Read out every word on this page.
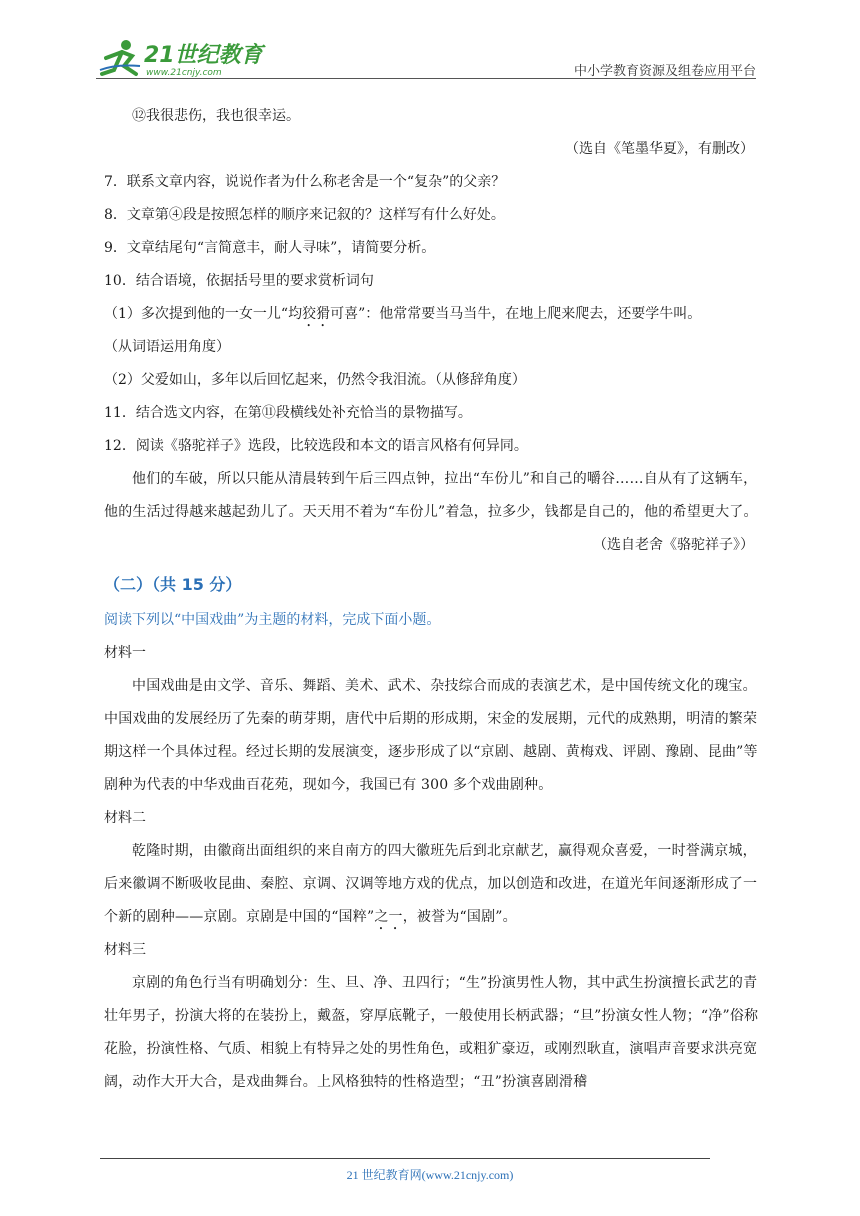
21世纪教育
www.21cnjy.com	中小学教育资源及组卷应用平台
⑫我很悲伤，我也很幸运。
（选自《笔墨华夏》，有删改）
7．联系文章内容，说说作者为什么称老舍是一个“复杂”的父亲？
8．文章第④段是按照怎样的顺序来记叙的？这样写有什么好处。
9．文章结尾句“言简意丰，耐人寻味”，请简要分析。
10．结合语境，依据括号里的要求赏析词句
（1）多次提到他的一女一儿“均狡猾可喜”：他常常要当马当牛，在地上爬来爬去，还要学牛叫。
（从词语运用角度）
（2）父爱如山，多年以后回忆起来，仍然令我泪流。（从修辞角度）
11．结合选文内容，在第⑪段横线处补充恰当的景物描写。
12．阅读《骆驼祥子》选段，比较选段和本文的语言风格有何异同。
他们的车破，所以只能从清晨转到午后三四点钟，拉出“车份儿”和自己的嚼谷……自从有了这辆车，他的生活过得越来越起劲儿了。天天用不着为“车份儿”着急，拉多少，钱都是自己的，他的希望更大了。
（选自老舍《骆驼祥子》）
（二）（共 15 分）
阅读下列以“中国戏曲”为主题的材料，完成下面小题。
材料一
中国戏曲是由文学、音乐、舞蹈、美术、武术、杂技综合而成的表演艺术，是中国传统文化的瑰宝。中国戏曲的发展经历了先秦的萌芽期，唐代中后期的形成期，宋金的发展期，元代的成熟期，明清的繁荣期这样一个具体过程。经过长期的发展演变，逐步形成了以“京剧、越剧、黄梅戏、评剧、豫剧、昆曲”等剧种为代表的中华戏曲百花苑，现如今，我国已有 300 多个戏曲剧种。
材料二
乾隆时期，由徽商出面组织的来自南方的四大徽班先后到北京献艺，赢得观众喜爱，一时誉满京城，后来徽调不断吸收昆曲、秦腔、京调、汉调等地方戏的优点，加以创造和改进，在道光年间逐渐形成了一个新的剧种——京剧。京剧是中国的“国粹”之一，被誉为“国剧”。
材料三
京剧的角色行当有明确划分：生、旦、净、丑四行；“生”扮演男性人物，其中武生扮演擅长武艺的青壮年男子，扮演大将的在装扮上，戴盔，穿厚底靴子，一般使用长柄武器；“旦”扮演女性人物；“净”俗称花脸，扮演性格、气质、相貌上有特异之处的男性角色，或粗犷豪迈，或刚烈耿直，演唱声音要求洪亮宽阔，动作大开大合，是戏曲舞台。上风格独特的性格造型；“丑”扮演喜剧滑稽
21 世纪教育网(www.21cnjy.com)
